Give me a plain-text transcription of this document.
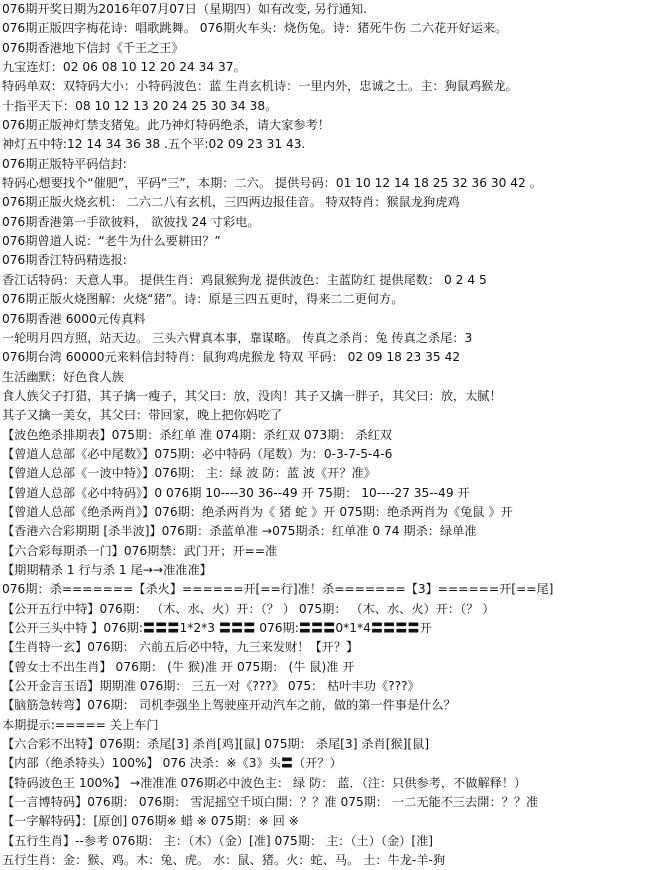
076期开奖日期为2016年07月07日（星期四）如有改变, 另行通知.
076期正版四字梅花诗：唱歌跳舞。 076期火车头：烧伤兔。诗：猪死牛伤 二六花开好运来。
076期香港地下信封《千王之王》
九宝连灯：02 06 08 10 12 20 24 34 37。
特码单双：双特码大小：小特码波色：蓝 生肖玄机诗：一里内外，忠诚之士。主：狗鼠鸡猴龙。
十指平天下：08 10 12 13 20 24 25 30 34 38。
076期正版神灯禁支猪兔。此乃神灯特码绝杀，请大家参考！
神灯五中特:12 14 34 36 38 .五个平:02 09 23 31 43.
076期正版特平码信封:
特码心想要找个“催肥”，平码“三”，本期：二六。 提供号码：01 10 12 14 18 25 32 36 30 42 。
076期正版火烧玄机： 二六二八有玄机，三四两边报佳音。 特双特肖：猴鼠龙狗虎鸡
076期香港第一手欲彼料， 欲彼找 24 寸彩电。
076期曾道人说：“老牛为什么要耕田？”
076期香江特码精选报:
香江话特码：天意人事。 提供生肖：鸡鼠猴狗龙 提供波色：主蓝防红 提供尾数： 0 2 4 5
076期正版火烧图解：火烧“猪”。诗：原是三四五更时，得来二二更何方。
076期香港 6000元传真料
一轮明月四方照，站天边。 三头六臂真本事，靠谋略。 传真之杀肖：兔 传真之杀尾：3
076期台湾 60000元来料信封特肖：鼠狗鸡虎猴龙 特双 平码： 02 09 18 23 35 42
生活幽默：好色食人族
食人族父子打猎，其子擒一瘦子，其父曰：放，没肉！其子又擒一胖子，其父曰：放，太腻！
其子又擒一美女，其父曰：带回家，晚上把你妈吃了
【波色绝杀排期表】075期：杀红单 准 074期：杀红双 073期： 杀红双
【曾道人总部《必中尾数》】075期：必中特码（尾数）为：0-3-7-5-4-6
【曾道人总部《一波中特》】076期： 主：绿 波 防：蓝 波《开？准》
【曾道人总部《必中特码》】0 076期 10----30 36--49 开 75期： 10----27 35--49 开
【曾道人总部《绝杀两肖》】076期：绝杀两肖为《 猪 蛇 》开 075期：绝杀两肖为《兔鼠 》开
【香港六合彩期期 [杀半波]】076期：杀蓝单准 →075期杀：红单准 0 74 期杀：绿单准
【六合彩每期杀一门】076期禁：武门开；开==准
【期期精杀 1 行与杀 1 尾→→准准准】
076期：杀=======【杀火】======开[==行]准！杀=======【3】======开[==尾]
【公开五行中特】076期： （木、水、火）开：（？ ） 075期： （木、水、火）开：（？ ）
【公开三头中特 】076期:〓〓〓1*2*3 〓〓〓 076期:〓〓〓0*1*4〓〓〓〓开
【生肖特一玄】076期： 六前五后必中特，九三来发财！【开？】
【曾女士不出生肖】 076期： (牛 猴)准 开 075期： (牛 鼠)准 开
【公开金言玉语】期期准 076期： 三五一对《???》 075： 枯叶丰功《???》
【脑筋急转弯】076期： 司机李强坐上驾驶座开动汽车之前，做的第一件事是什么？
本期提示:===== 关上车门
【六合彩不出特】076期：杀尾[3] 杀肖[鸡][鼠] 075期： 杀尾[3] 杀肖[猴][鼠]
【内部（绝杀特头）100%】 076 决杀：※《3》头〓（开？）
【特码波色王 100%】 →准准准 076期必中波色主： 绿 防： 蓝．（注：只供参考，不做解释！）
【一言博特码】076期： 076期： 雪泥摇空千顷白開：？？准 075期： 一二无能不三去開：？？准
【一字解特码】：[原创] 076期※ 蜡 ※ 075期：※ 回 ※
【五行生肖】--参考 076期： 主：（木）（金）[准] 075期： 主：（土）（金）[准]
五行生肖：金：猴、鸡。木：兔、虎。 水：鼠、猪。火：蛇、马。 土：牛龙-羊-狗
